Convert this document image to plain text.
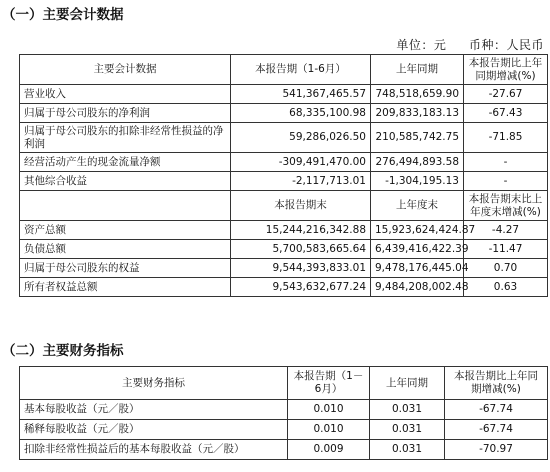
（一）主要会计数据
单位：元 币种：人民币
主要会计数据	本报告期（1-6月）	上年同期	本报告期比上年同期增减(%)
营业收入	541,367,465.57	748,518,659.90	-27.67
归属于母公司股东的净利润	68,335,100.98	209,833,183.13	-67.43
归属于母公司股东的扣除非经常性损益的净利润	59,286,026.50	210,585,742.75	-71.85
经营活动产生的现金流量净额	-309,491,470.00	276,494,893.58	-
其他综合收益	-2,117,713.01	-1,304,195.13	-
	本报告期末	上年度末	本报告期末比上年度末增减(%)
资产总额	15,244,216,342.88	15,923,624,424.87	-4.27
负债总额	5,700,583,665.64	6,439,416,422.39	-11.47
归属于母公司股东的权益	9,544,393,833.01	9,478,176,445.04	0.70
所有者权益总额	9,543,632,677.24	9,484,208,002.48	0.63
（二）主要财务指标
主要财务指标	本报告期（1－6月）	上年同期	本报告期比上年同期增减(%)
基本每股收益（元／股）	0.010	0.031	-67.74
稀释每股收益（元／股）	0.010	0.031	-67.74
扣除非经常性损益后的基本每股收益（元／股）	0.009	0.031	-70.97
